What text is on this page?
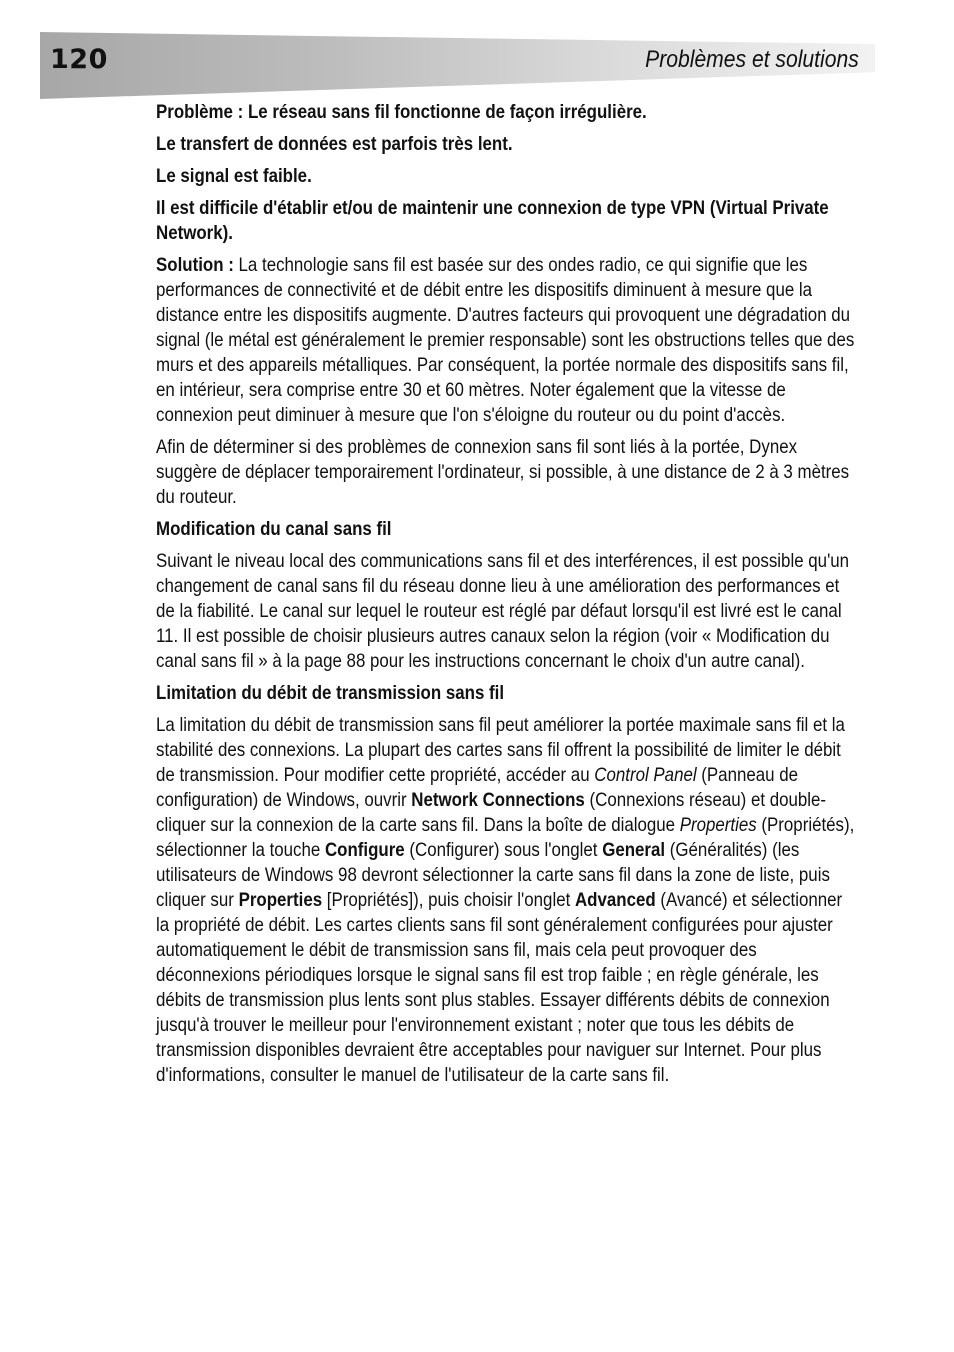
120	Problèmes et solutions

Problème : Le réseau sans fil fonctionne de façon irrégulière.

Le transfert de données est parfois très lent.

Le signal est faible.

Il est difficile d'établir et/ou de maintenir une connexion de type VPN (Virtual Private Network).

Solution : La technologie sans fil est basée sur des ondes radio, ce qui signifie que les performances de connectivité et de débit entre les dispositifs diminuent à mesure que la distance entre les dispositifs augmente. D'autres facteurs qui provoquent une dégradation du signal (le métal est généralement le premier responsable) sont les obstructions telles que des murs et des appareils métalliques. Par conséquent, la portée normale des dispositifs sans fil, en intérieur, sera comprise entre 30 et 60 mètres. Noter également que la vitesse de connexion peut diminuer à mesure que l'on s'éloigne du routeur ou du point d'accès.

Afin de déterminer si des problèmes de connexion sans fil sont liés à la portée, Dynex suggère de déplacer temporairement l'ordinateur, si possible, à une distance de 2 à 3 mètres du routeur.

Modification du canal sans fil

Suivant le niveau local des communications sans fil et des interférences, il est possible qu'un changement de canal sans fil du réseau donne lieu à une amélioration des performances et de la fiabilité. Le canal sur lequel le routeur est réglé par défaut lorsqu'il est livré est le canal 11. Il est possible de choisir plusieurs autres canaux selon la région (voir « Modification du canal sans fil » à la page 88 pour les instructions concernant le choix d'un autre canal).

Limitation du débit de transmission sans fil

La limitation du débit de transmission sans fil peut améliorer la portée maximale sans fil et la stabilité des connexions. La plupart des cartes sans fil offrent la possibilité de limiter le débit de transmission. Pour modifier cette propriété, accéder au Control Panel (Panneau de configuration) de Windows, ouvrir Network Connections (Connexions réseau) et double-cliquer sur la connexion de la carte sans fil. Dans la boîte de dialogue Properties (Propriétés), sélectionner la touche Configure (Configurer) sous l'onglet General (Généralités) (les utilisateurs de Windows 98 devront sélectionner la carte sans fil dans la zone de liste, puis cliquer sur Properties [Propriétés]), puis choisir l'onglet Advanced (Avancé) et sélectionner la propriété de débit. Les cartes clients sans fil sont généralement configurées pour ajuster automatiquement le débit de transmission sans fil, mais cela peut provoquer des déconnexions périodiques lorsque le signal sans fil est trop faible ; en règle générale, les débits de transmission plus lents sont plus stables. Essayer différents débits de connexion jusqu'à trouver le meilleur pour l'environnement existant ; noter que tous les débits de transmission disponibles devraient être acceptables pour naviguer sur Internet. Pour plus d'informations, consulter le manuel de l'utilisateur de la carte sans fil.
